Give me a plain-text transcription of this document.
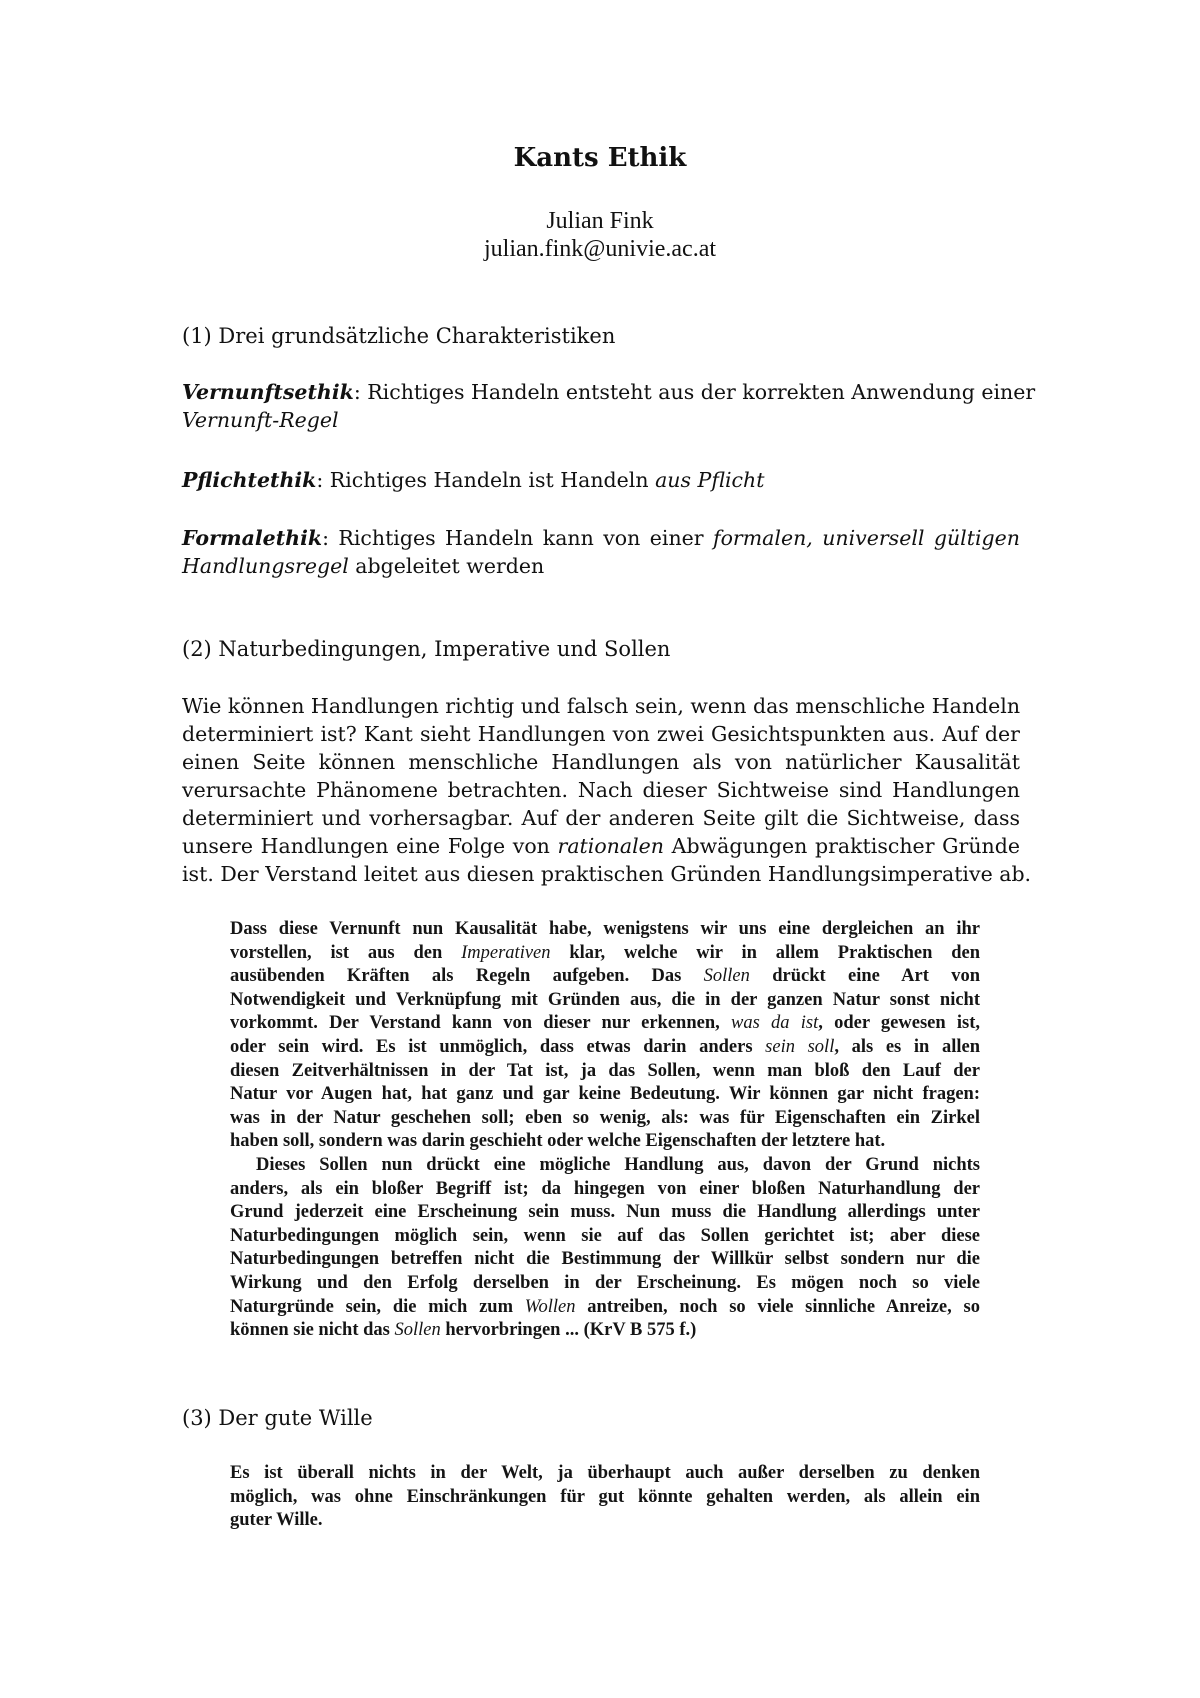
Kants Ethik
Julian Fink
julian.fink@univie.ac.at
(1) Drei grundsätzliche Charakteristiken
Vernunftsethik: Richtiges Handeln entsteht aus der korrekten Anwendung einer
Vernunft-Regel
Pflichtethik: Richtiges Handeln ist Handeln aus Pflicht
Formalethik: Richtiges Handeln kann von einer formalen, universell gültigen
Handlungsregel abgeleitet werden
(2) Naturbedingungen, Imperative und Sollen
Wie können Handlungen richtig und falsch sein, wenn das menschliche Handeln
determiniert ist? Kant sieht Handlungen von zwei Gesichtspunkten aus. Auf der
einen Seite können menschliche Handlungen als von natürlicher Kausalität
verursachte Phänomene betrachten. Nach dieser Sichtweise sind Handlungen
determiniert und vorhersagbar. Auf der anderen Seite gilt die Sichtweise, dass
unsere Handlungen eine Folge von rationalen Abwägungen praktischer Gründe
ist. Der Verstand leitet aus diesen praktischen Gründen Handlungsimperative ab.
Dass diese Vernunft nun Kausalität habe, wenigstens wir uns eine dergleichen an ihr
vorstellen, ist aus den Imperativen klar, welche wir in allem Praktischen den
ausübenden Kräften als Regeln aufgeben. Das Sollen drückt eine Art von
Notwendigkeit und Verknüpfung mit Gründen aus, die in der ganzen Natur sonst nicht
vorkommt. Der Verstand kann von dieser nur erkennen, was da ist, oder gewesen ist,
oder sein wird. Es ist unmöglich, dass etwas darin anders sein soll, als es in allen
diesen Zeitverhältnissen in der Tat ist, ja das Sollen, wenn man bloß den Lauf der
Natur vor Augen hat, hat ganz und gar keine Bedeutung. Wir können gar nicht fragen:
was in der Natur geschehen soll; eben so wenig, als: was für Eigenschaften ein Zirkel
haben soll, sondern was darin geschieht oder welche Eigenschaften der letztere hat.
Dieses Sollen nun drückt eine mögliche Handlung aus, davon der Grund nichts
anders, als ein bloßer Begriff ist; da hingegen von einer bloßen Naturhandlung der
Grund jederzeit eine Erscheinung sein muss. Nun muss die Handlung allerdings unter
Naturbedingungen möglich sein, wenn sie auf das Sollen gerichtet ist; aber diese
Naturbedingungen betreffen nicht die Bestimmung der Willkür selbst sondern nur die
Wirkung und den Erfolg derselben in der Erscheinung. Es mögen noch so viele
Naturgründe sein, die mich zum Wollen antreiben, noch so viele sinnliche Anreize, so
können sie nicht das Sollen hervorbringen ... (KrV B 575 f.)
(3) Der gute Wille
Es ist überall nichts in der Welt, ja überhaupt auch außer derselben zu denken
möglich, was ohne Einschränkungen für gut könnte gehalten werden, als allein ein
guter Wille.
